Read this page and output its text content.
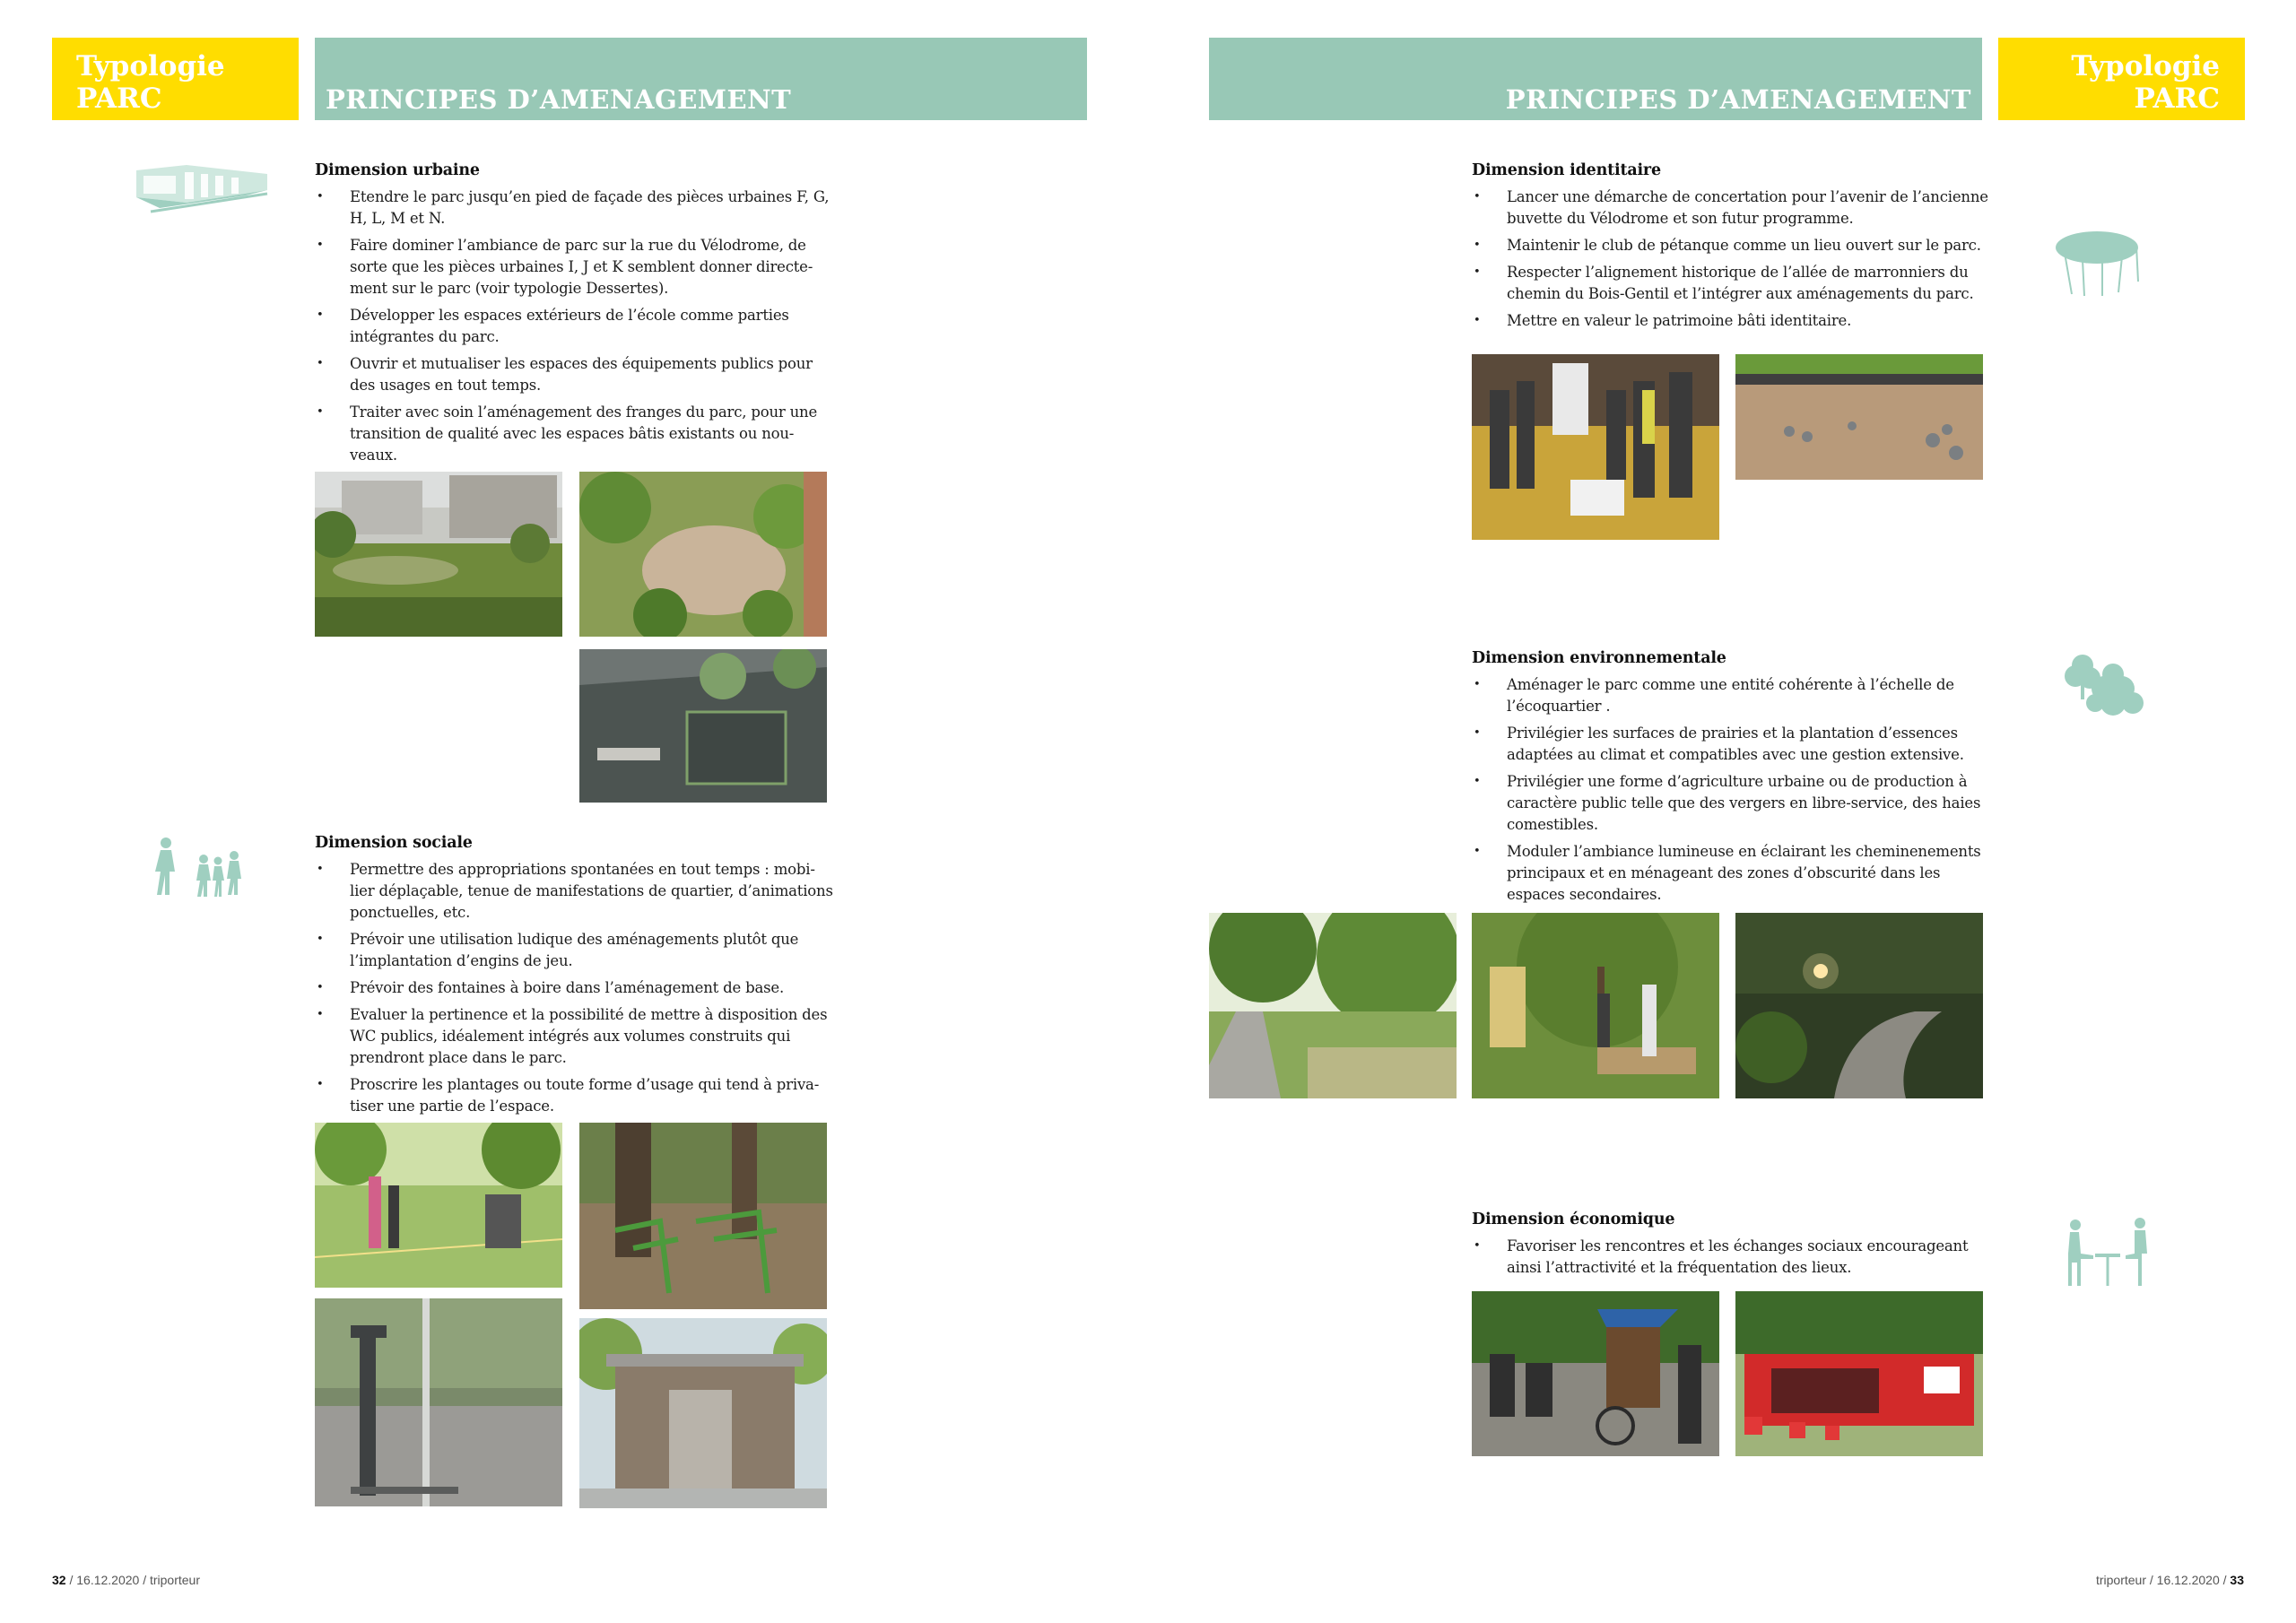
Typologie
PARC	PRINCIPES D’AMENAGEMENT
Dimension urbaine
• Etendre le parc jusqu’en pied de façade des pièces urbaines F, G, H, L, M et N.
• Faire dominer l’ambiance de parc sur la rue du Vélodrome, de sorte que les pièces urbaines I, J et K semblent donner directe-ment sur le parc (voir typologie Dessertes).
• Développer les espaces extérieurs de l’école comme parties intégrantes du parc.
• Ouvrir et mutualiser les espaces des équipements publics pour des usages en tout temps.
• Traiter avec soin l’aménagement des franges du parc, pour une transition de qualité avec les espaces bâtis existants ou nou-veaux.
Dimension sociale
• Permettre des appropriations spontanées en tout temps : mobi-lier déplaçable, tenue de manifestations de quartier, d’animations ponctuelles, etc.
• Prévoir une utilisation ludique des aménagements plutôt que l’implantation d’engins de jeu.
• Prévoir des fontaines à boire dans l’aménagement de base.
• Evaluer la pertinence et la possibilité de mettre à disposition des WC publics, idéalement intégrés aux volumes construits qui prendront place dans le parc.
• Proscrire les plantages ou toute forme d’usage qui tend à priva-tiser une partie de l’espace.
32 / 16.12.2020 / triporteur
PRINCIPES D’AMENAGEMENT
Typologie
PARC
Dimension identitaire
• Lancer une démarche de concertation pour l’avenir de l’ancienne buvette du Vélodrome et son futur programme.
• Maintenir le club de pétanque comme un lieu ouvert sur le parc.
• Respecter l’alignement historique de l’allée de marronniers du chemin du Bois-Gentil et l’intégrer aux aménagements du parc.
• Mettre en valeur le patrimoine bâti identitaire.
Dimension environnementale
• Aménager le parc comme une entité cohérente à l’échelle de l’écoquartier .
• Privilégier les surfaces de prairies et la plantation d’essences adaptées au climat et compatibles avec une gestion extensive.
• Privilégier une forme d’agriculture urbaine ou de production à caractère public telle que des vergers en libre-service, des haies comestibles.
• Moduler l’ambiance lumineuse en éclairant les cheminenements principaux et en ménageant des zones d’obscurité dans les espaces secondaires.
Dimension économique
• Favoriser les rencontres et les échanges sociaux encourageant ainsi l’attractivité et la fréquentation des lieux.
triporteur / 16.12.2020 / 33
